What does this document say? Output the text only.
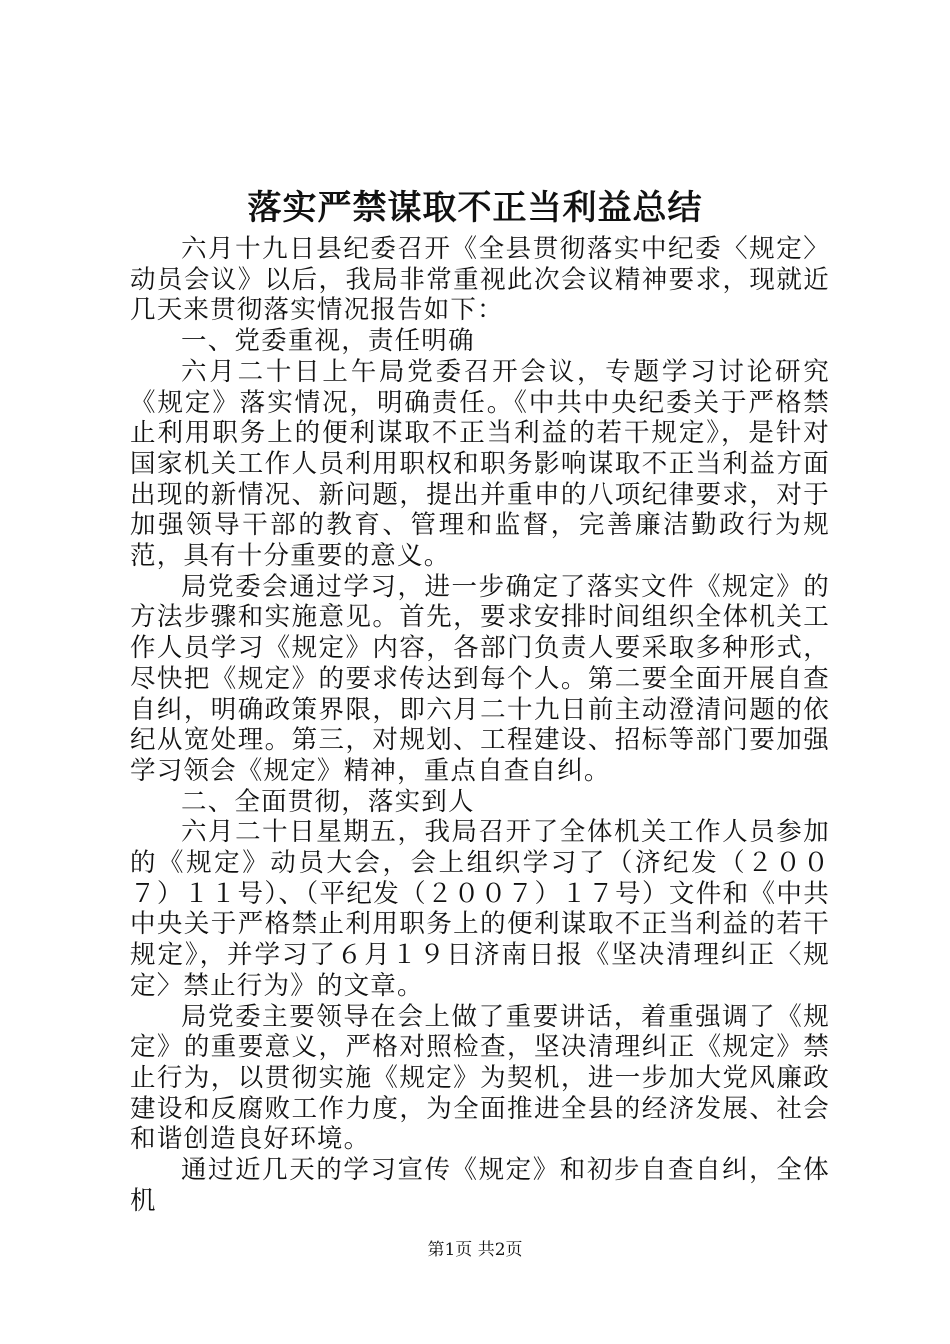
落实严禁谋取不正当利益总结

六月十九日县纪委召开《全县贯彻落实中纪委〈规定〉动员会议》以后，我局非常重视此次会议精神要求，现就近几天来贯彻落实情况报告如下：

一、党委重视，责任明确

六月二十日上午局党委召开会议，专题学习讨论研究《规定》落实情况，明确责任。《中共中央纪委关于严格禁止利用职务上的便利谋取不正当利益的若干规定》，是针对国家机关工作人员利用职权和职务影响谋取不正当利益方面出现的新情况、新问题，提出并重申的八项纪律要求，对于加强领导干部的教育、管理和监督，完善廉洁勤政行为规范，具有十分重要的意义。

局党委会通过学习，进一步确定了落实文件《规定》的方法步骤和实施意见。首先，要求安排时间组织全体机关工作人员学习《规定》内容，各部门负责人要采取多种形式，尽快把《规定》的要求传达到每个人。第二要全面开展自查自纠，明确政策界限，即六月二十九日前主动澄清问题的依纪从宽处理。第三，对规划、工程建设、招标等部门要加强学习领会《规定》精神，重点自查自纠。

二、全面贯彻，落实到人

六月二十日星期五，我局召开了全体机关工作人员参加的《规定》动员大会，会上组织学习了（济纪发（２００７）１１号）、（平纪发（２００７）１７号）文件和《中共中央关于严格禁止利用职务上的便利谋取不正当利益的若干规定》，并学习了６月１９日济南日报《坚决清理纠正〈规定〉禁止行为》的文章。

局党委主要领导在会上做了重要讲话，着重强调了《规定》的重要意义，严格对照检查，坚决清理纠正《规定》禁止行为，以贯彻实施《规定》为契机，进一步加大党风廉政建设和反腐败工作力度，为全面推进全县的经济发展、社会和谐创造良好环境。

通过近几天的学习宣传《规定》和初步自查自纠，全体机

第1页 共2页
